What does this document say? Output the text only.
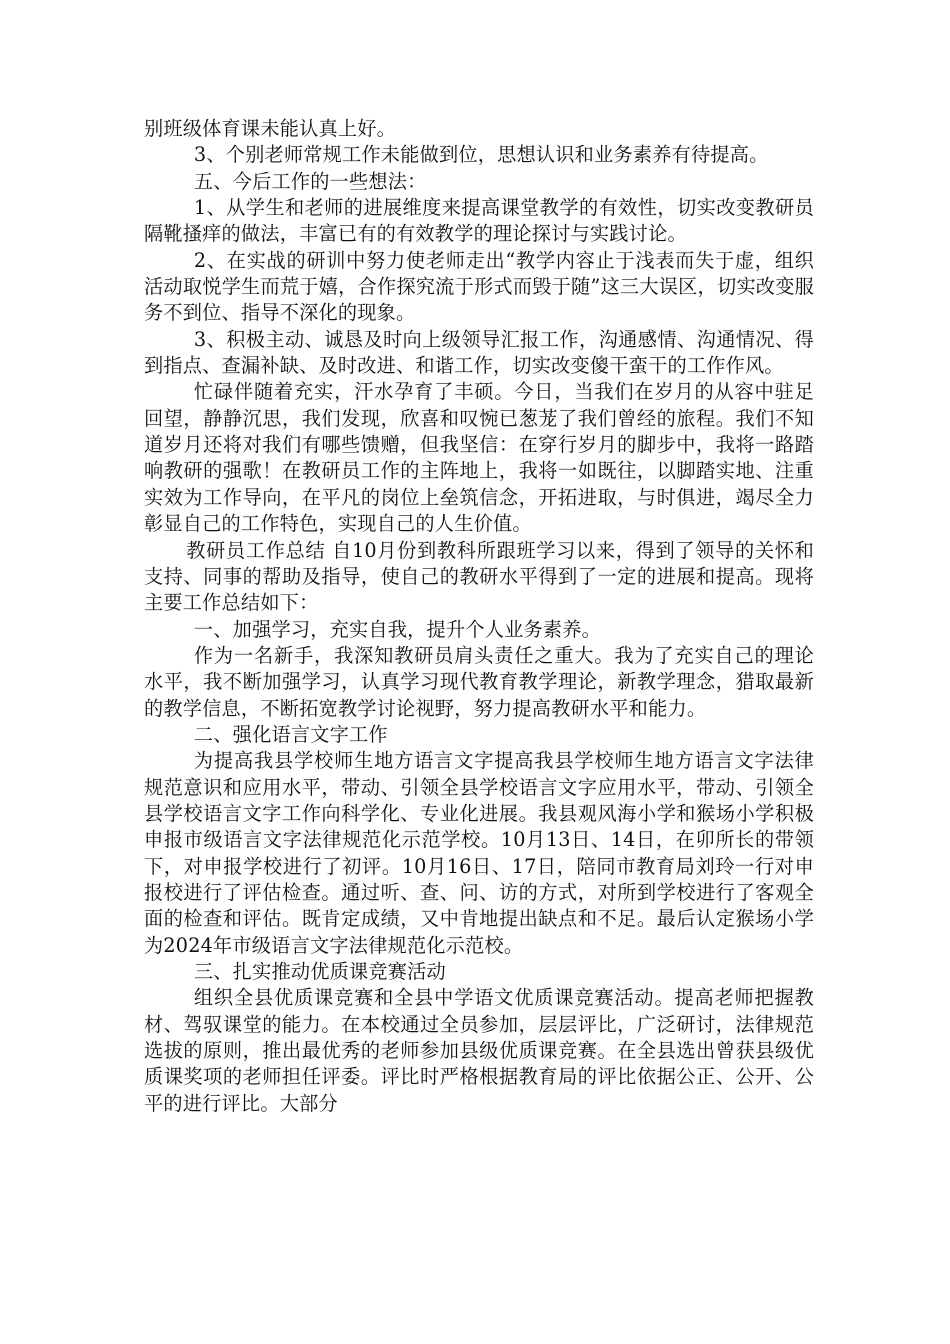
别班级体育课未能认真上好。

3、个别老师常规工作未能做到位，思想认识和业务素养有待提高。

五、今后工作的一些想法：

1、从学生和老师的进展维度来提高课堂教学的有效性，切实改变教研员隔靴搔痒的做法，丰富已有的有效教学的理论探讨与实践讨论。

2、在实战的研训中努力使老师走出“教学内容止于浅表而失于虚，组织活动取悦学生而荒于嬉，合作探究流于形式而毁于随”这三大误区，切实改变服务不到位、指导不深化的现象。

3、积极主动、诚恳及时向上级领导汇报工作，沟通感情、沟通情况、得到指点、查漏补缺、及时改进、和谐工作，切实改变傻干蛮干的工作作风。

忙碌伴随着充实，汗水孕育了丰硕。今日，当我们在岁月的从容中驻足回望，静静沉思，我们发现，欣喜和叹惋已葱茏了我们曾经的旅程。我们不知道岁月还将对我们有哪些馈赠，但我坚信：在穿行岁月的脚步中，我将一路踏响教研的强歌！在教研员工作的主阵地上，我将一如既往，以脚踏实地、注重实效为工作导向，在平凡的岗位上垒筑信念，开拓进取，与时俱进，竭尽全力彰显自己的工作特色，实现自己的人生价值。

教研员工作总结 自10月份到教科所跟班学习以来，得到了领导的关怀和支持、同事的帮助及指导，使自己的教研水平得到了一定的进展和提高。现将主要工作总结如下：

一、加强学习，充实自我，提升个人业务素养。

作为一名新手，我深知教研员肩头责任之重大。我为了充实自己的理论水平，我不断加强学习，认真学习现代教育教学理论，新教学理念，猎取最新的教学信息，不断拓宽教学讨论视野，努力提高教研水平和能力。

二、强化语言文字工作

为提高我县学校师生地方语言文字提高我县学校师生地方语言文字法律规范意识和应用水平，带动、引领全县学校语言文字应用水平，带动、引领全县学校语言文字工作向科学化、专业化进展。我县观风海小学和猴场小学积极申报市级语言文字法律规范化示范学校。10月13日、14日，在卯所长的带领下，对申报学校进行了初评。10月16日、17日，陪同市教育局刘玲一行对申报校进行了评估检查。通过听、查、问、访的方式，对所到学校进行了客观全面的检查和评估。既肯定成绩，又中肯地提出缺点和不足。最后认定猴场小学为2024年市级语言文字法律规范化示范校。

三、扎实推动优质课竞赛活动

组织全县优质课竞赛和全县中学语文优质课竞赛活动。提高老师把握教材、驾驭课堂的能力。在本校通过全员参加，层层评比，广泛研讨，法律规范选拔的原则，推出最优秀的老师参加县级优质课竞赛。在全县选出曾获县级优质课奖项的老师担任评委。评比时严格根据教育局的评比依据公正、公开、公平的进行评比。大部分
